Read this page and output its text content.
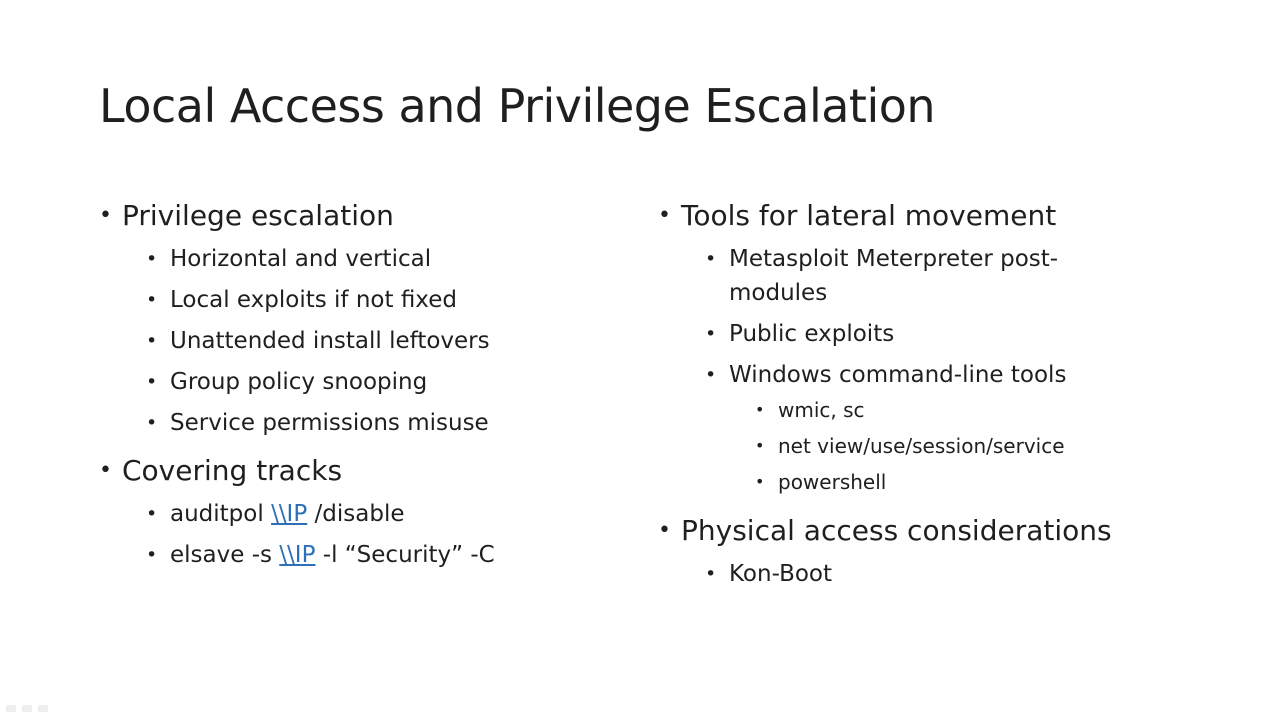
Local Access and Privilege Escalation

• Privilege escalation

• Horizontal and vertical

• Local exploits if not fixed

• Unattended install leftovers

• Group policy snooping

• Service permissions misuse

• Covering tracks

• auditpol \\IP /disable

• elsave -s \\IP -l “Security” -C

• Tools for lateral movement

• Metasploit Meterpreter post-modules

• Public exploits

• Windows command-line tools

• wmic, sc

• net view/use/session/service

• powershell

• Physical access considerations

• Kon-Boot
